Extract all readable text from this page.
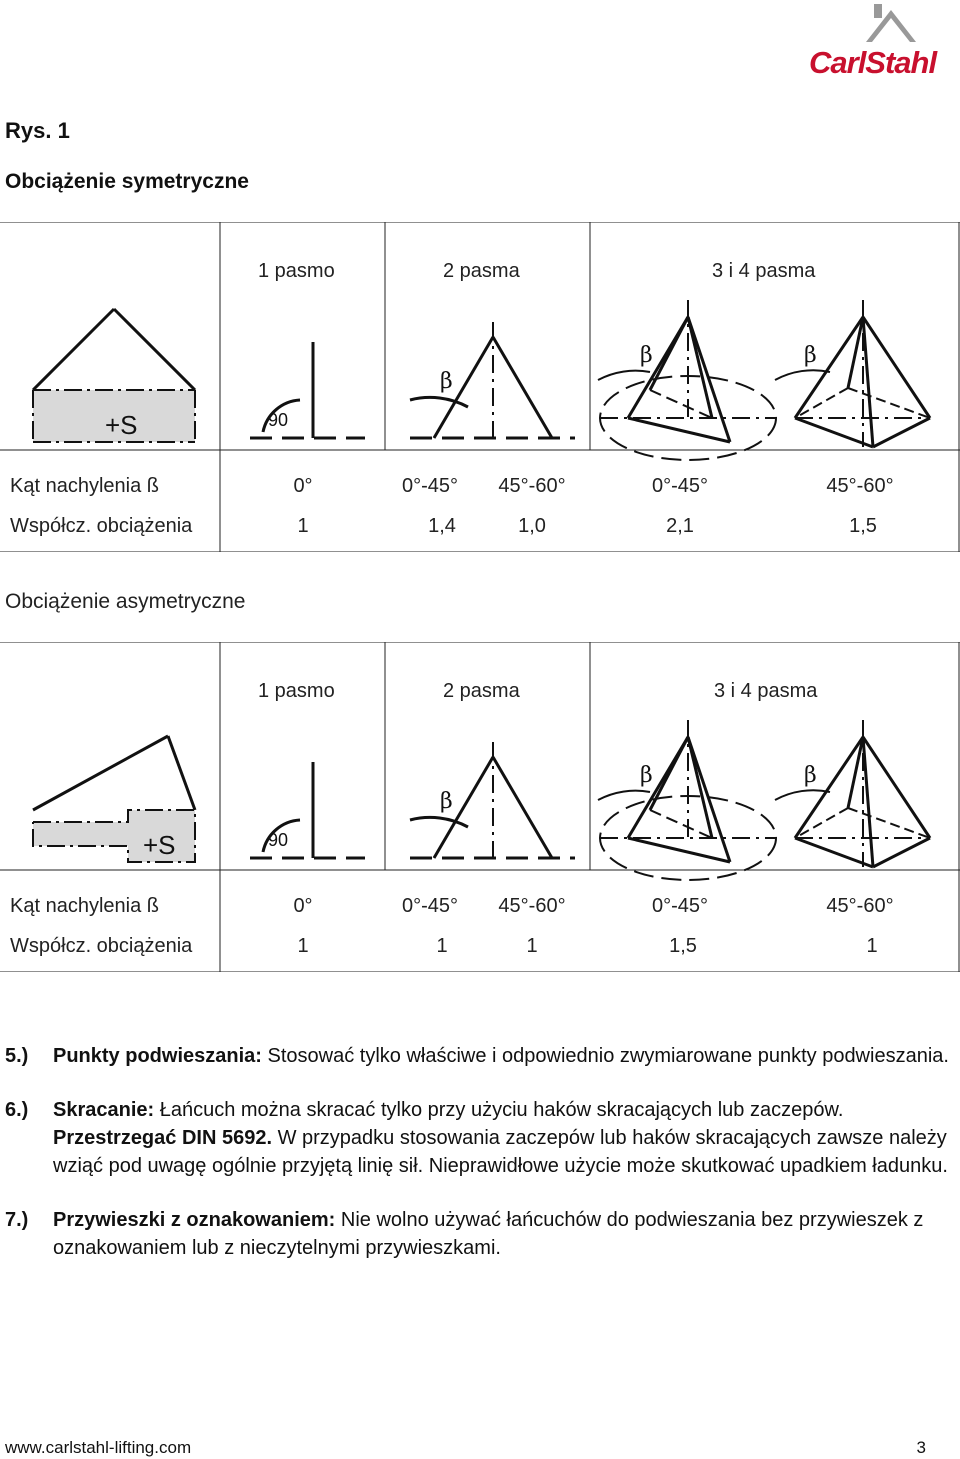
CarlStahl
Rys. 1
Obciążenie symetryczne
+S	90
β
β	β
1 pasmo	2 pasma	3 i 4 pasma
Kąt nachylenia ß	0°	0°-45° 45°-60°	0°-45°	45°-60°
Współcz. obciążenia	1	1,4	1,0	2,1	1,5
Obciążenie asymetryczne
+S	90
β
β	β
1 pasmo	2 pasma	3 i 4 pasma
Kąt nachylenia ß	0°	0°-45° 45°-60°	0°-45°	45°-60°
Współcz. obciążenia	1	1	1	1,5	1
5.) Punkty podwieszania: Stosować tylko właściwe i odpowiednio zwymiarowane punkty podwieszania.
6.) Skracanie: Łańcuch można skracać tylko przy użyciu haków skracających lub zaczepów. Przestrzegać DIN 5692. W przypadku stosowania zaczepów lub haków skracających zawsze należy wziąć pod uwagę ogólnie przyjętą linię sił. Nieprawidłowe użycie może skutkować upadkiem ładunku.
7.) Przywieszki z oznakowaniem: Nie wolno używać łańcuchów do podwieszania bez przywieszek z oznakowaniem lub z nieczytelnymi przywieszkami.
www.carlstahl-lifting.com	3
